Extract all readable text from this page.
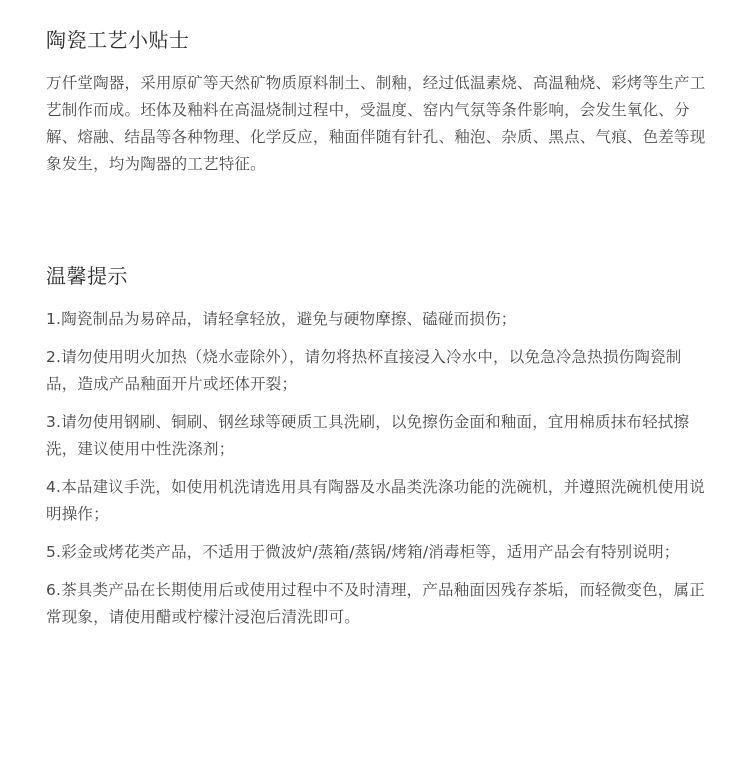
陶瓷工艺小贴士

万仟堂陶器，采用原矿等天然矿物质原料制土、制釉，经过低温素烧、高温釉烧、彩烤等生产工艺制作而成。坯体及釉料在高温烧制过程中，受温度、窑内气氛等条件影响，会发生氧化、分解、熔融、结晶等各种物理、化学反应，釉面伴随有针孔、釉泡、杂质、黑点、气痕、色差等现象发生，均为陶器的工艺特征。

温馨提示
1.陶瓷制品为易碎品，请轻拿轻放，避免与硬物摩擦、磕碰而损伤；
2.请勿使用明火加热（烧水壶除外），请勿将热杯直接浸入冷水中，以免急冷急热损伤陶瓷制品，造成产品釉面开片或坯体开裂；
3.请勿使用钢刷、铜刷、钢丝球等硬质工具洗刷，以免擦伤金面和釉面，宜用棉质抹布轻拭擦洗，建议使用中性洗涤剂；
4.本品建议手洗，如使用机洗请选用具有陶器及水晶类洗涤功能的洗碗机，并遵照洗碗机使用说明操作；
5.彩金或烤花类产品，不适用于微波炉/蒸箱/蒸锅/烤箱/消毒柜等，适用产品会有特别说明；
6.茶具类产品在长期使用后或使用过程中不及时清理，产品釉面因残存茶垢，而轻微变色，属正常现象，请使用醋或柠檬汁浸泡后清洗即可。
